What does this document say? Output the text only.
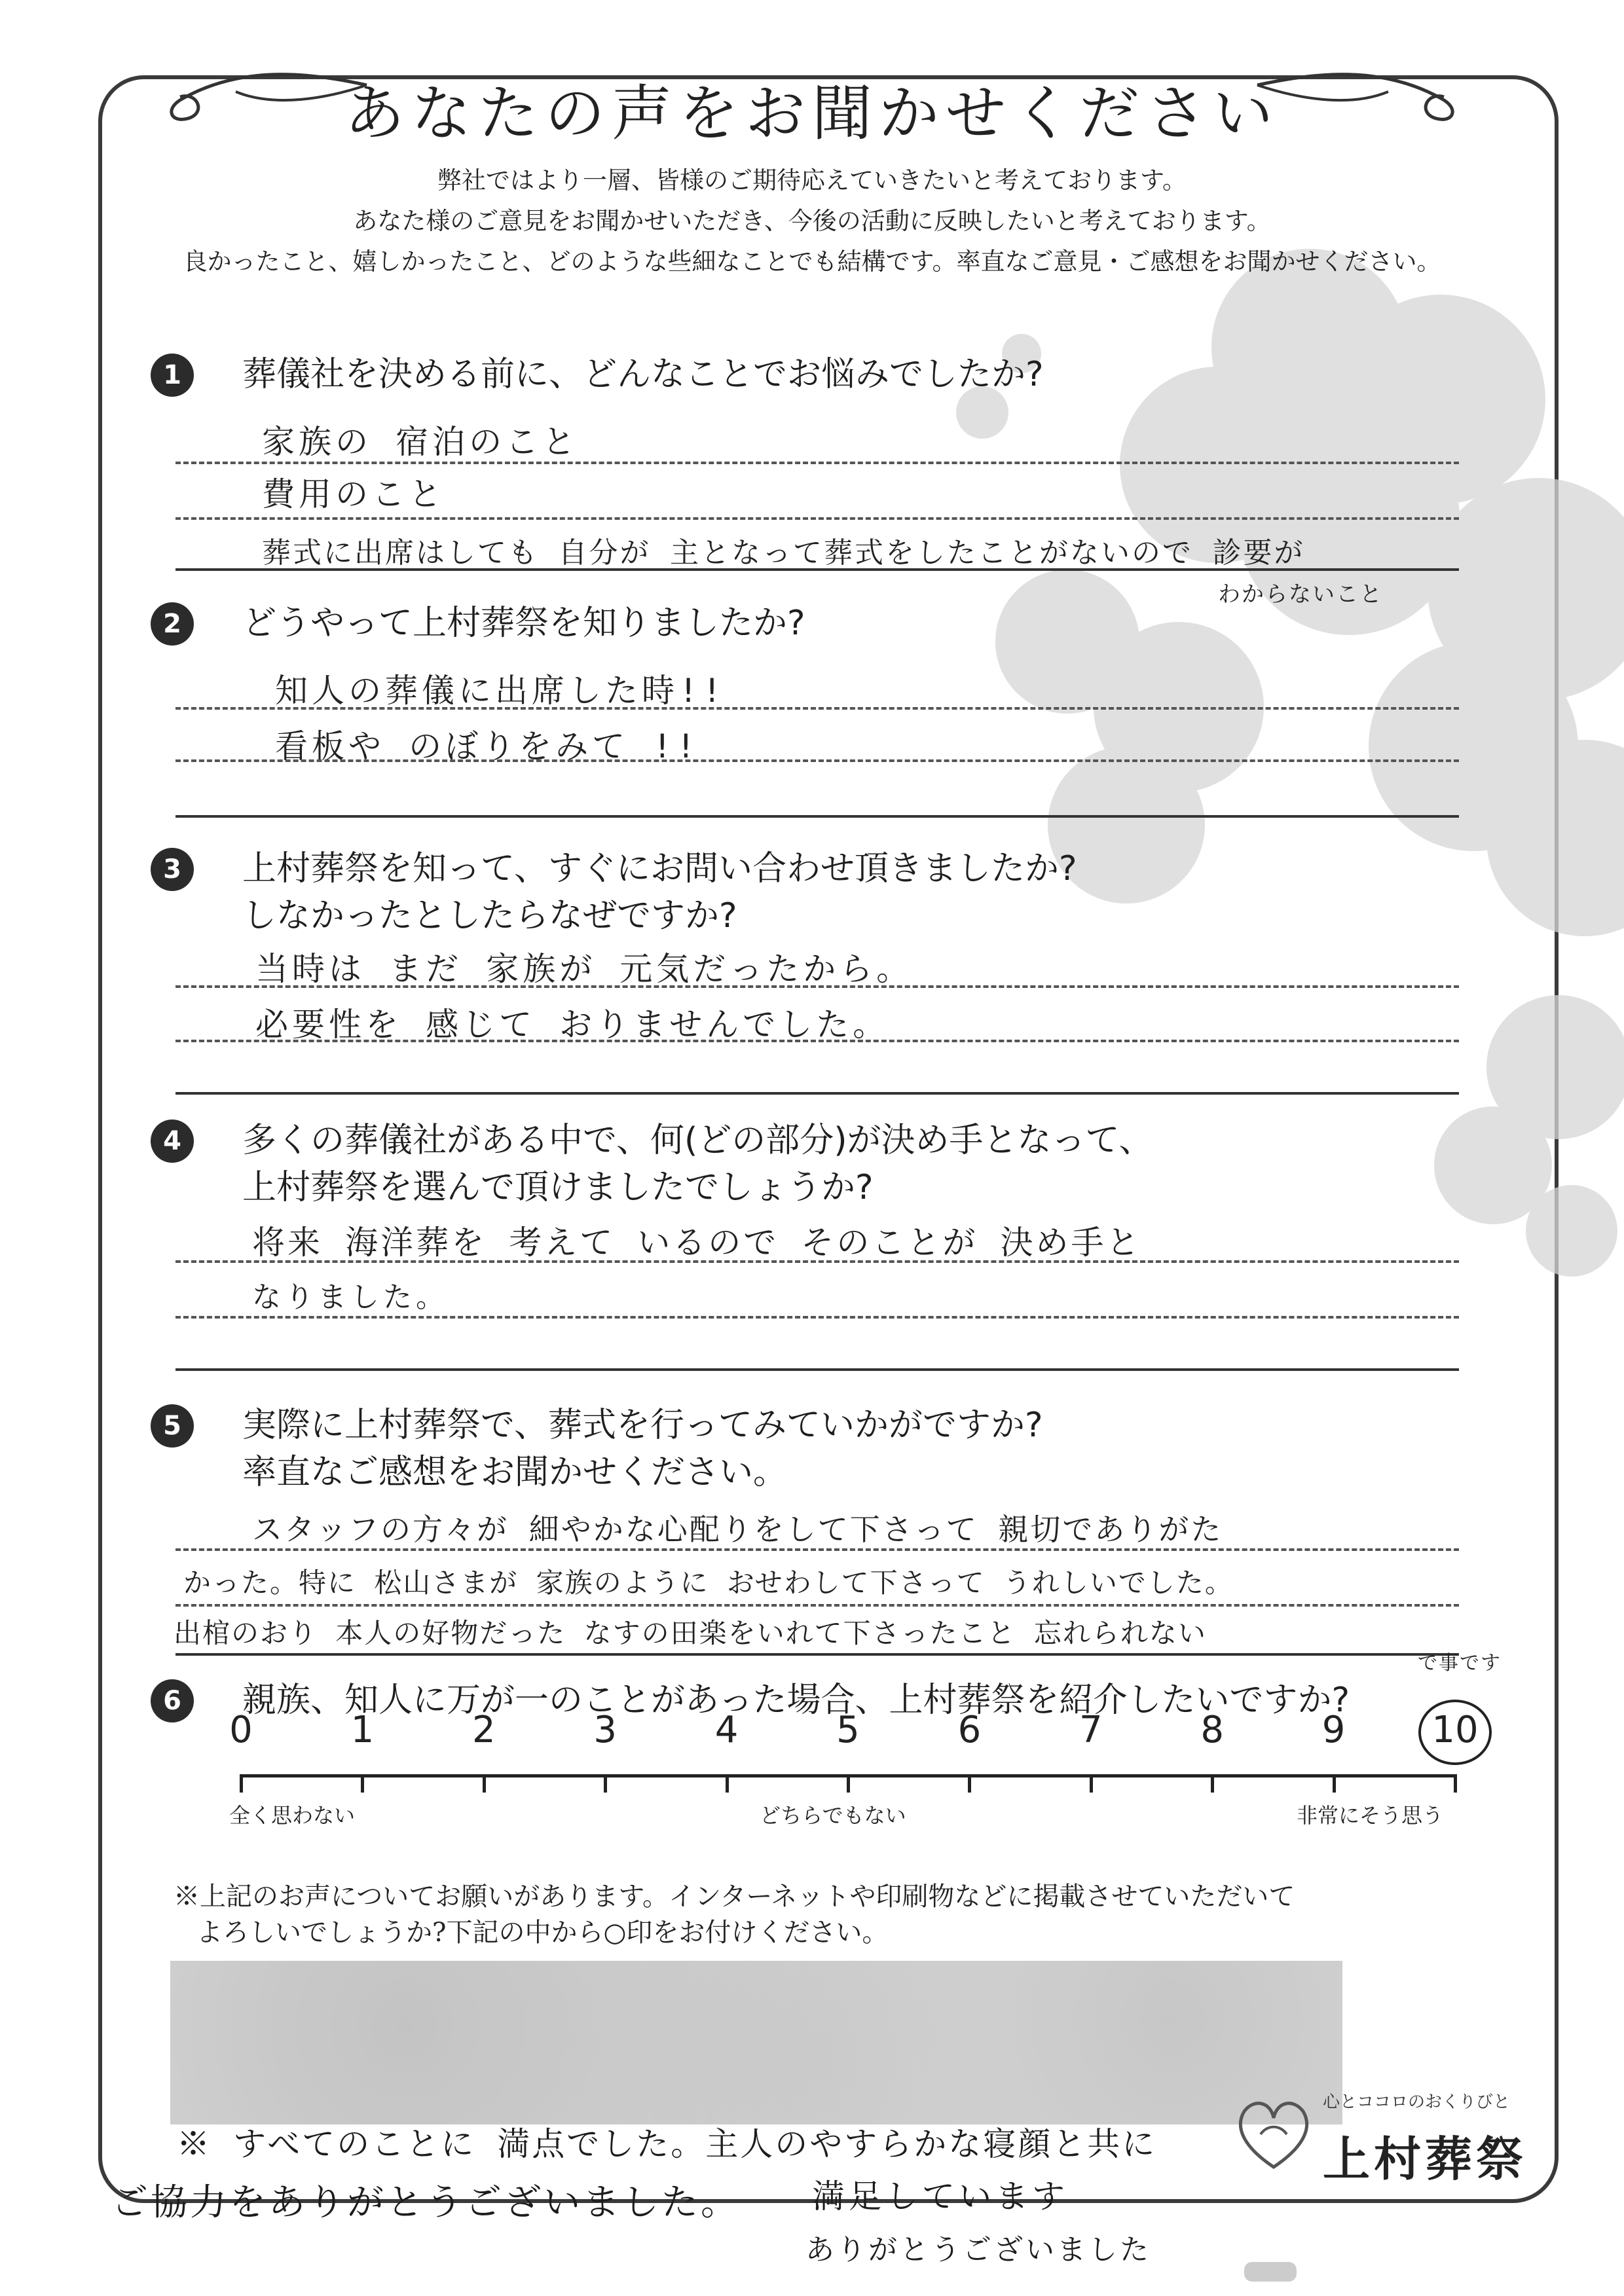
あなたの声をお聞かせください
弊社ではより一層、皆様のご期待応えていきたいと考えております。
あなた様のご意見をお聞かせいただき、今後の活動に反映したいと考えております。
良かったこと、嬉しかったこと、どのような些細なことでも結構です。率直なご意見・ご感想をお聞かせください。
1	葬儀社を決める前に、どんなことでお悩みでしたか?
家族の 宿泊のこと
費用のこと
葬式に出席はしても 自分が 主となって葬式をしたことがないので 診要が
わからないこと
2	どうやって上村葬祭を知りましたか?
知人の葬儀に出席した時!!
看板や のぼりをみて !!
3	上村葬祭を知って、すぐにお問い合わせ頂きましたか?
しなかったとしたらなぜですか?
当時は まだ 家族が 元気だったから。
必要性を 感じて おりませんでした。
4	多くの葬儀社がある中で、何(どの部分)が決め手となって、
上村葬祭を選んで頂けましたでしょうか?
将来 海洋葬を 考えて いるので そのことが 決め手と
なりました。
5	実際に上村葬祭で、葬式を行ってみていかがですか?
率直なご感想をお聞かせください。
スタッフの方々が 細やかな心配りをして下さって 親切でありがた
かった。特に 松山さまが 家族のように おせわして下さって うれしいでした。
出棺のおり 本人の好物だった なすの田楽をいれて下さったこと 忘れられない
で事です
6	親族、知人に万が一のことがあった場合、上村葬祭を紹介したいですか?
0	1	2	3	4	5	6	7	8	9	10
全く思わない	どちらでもない	非常にそう思う
※上記のお声についてお願いがあります。インターネットや印刷物などに掲載させていただいて
よろしいでしょうか?下記の中から○印をお付けください。
※ すべてのことに 満点でした。主人のやすらかな寝顔と共に
ご協力をありがとうございました。 満足しています
ありがとうございました
心とココロのおくりびと
上村葬祭
